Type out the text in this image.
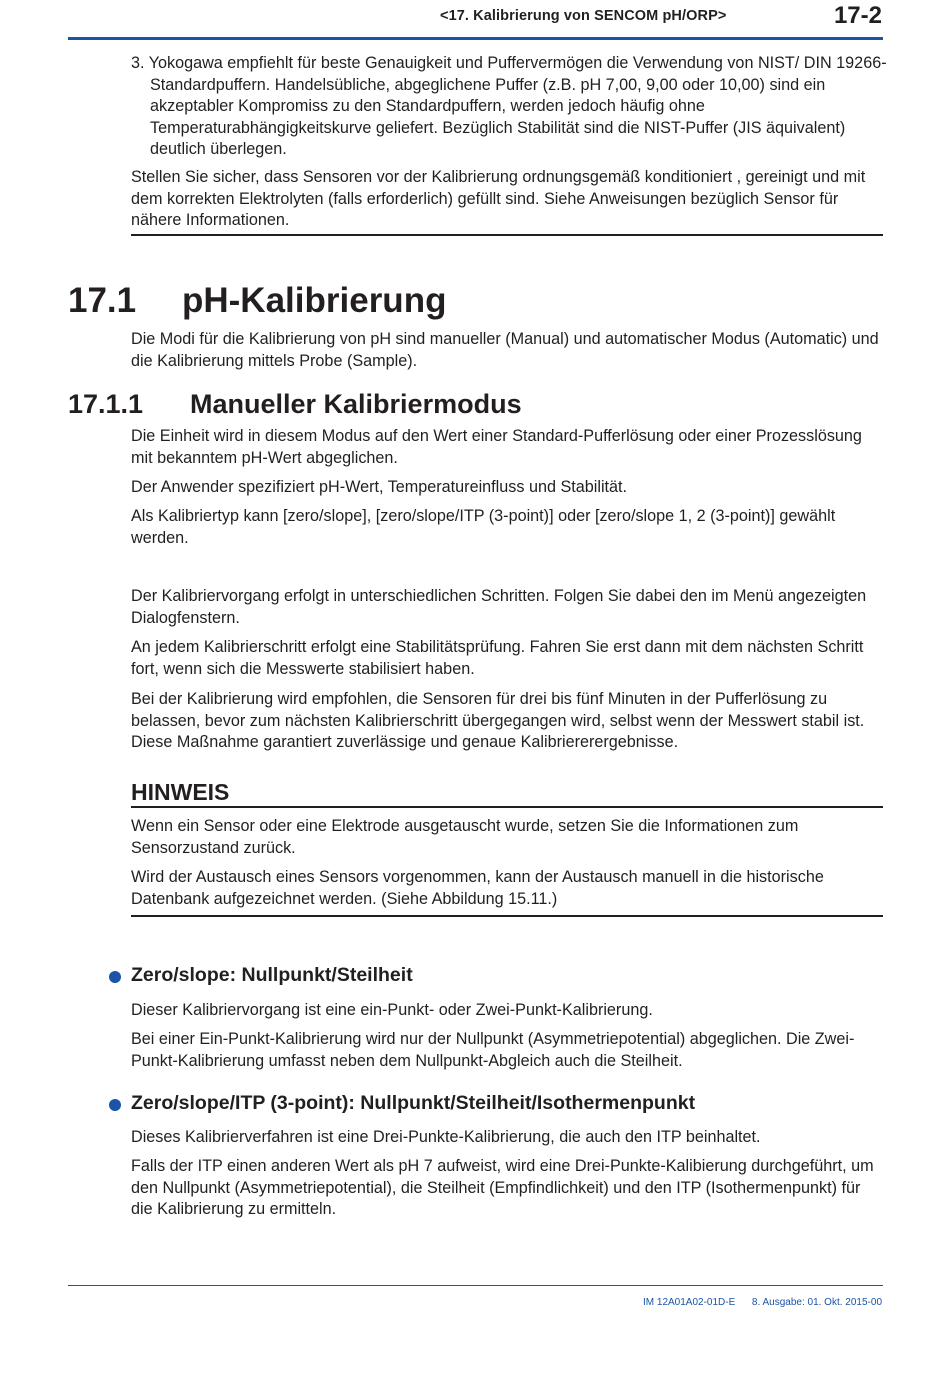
<17. Kalibrierung von SENCOM pH/ORP>	17-2

3. Yokogawa empfiehlt für beste Genauigkeit und Puffervermögen die Verwendung von NIST/ DIN 19266-Standardpuffern. Handelsübliche, abgeglichene Puffer (z.B. pH 7,00, 9,00 oder 10,00) sind ein akzeptabler Kompromiss zu den Standardpuffern, werden jedoch häufig ohne Temperaturabhängigkeitskurve geliefert. Bezüglich Stabilität sind die NIST-Puffer (JIS äquivalent) deutlich überlegen.

Stellen Sie sicher, dass Sensoren vor der Kalibrierung ordnungsgemäß konditioniert , gereinigt und mit dem korrekten Elektrolyten (falls erforderlich) gefüllt sind. Siehe Anweisungen bezüglich Sensor für nähere Informationen.

17.1 pH-Kalibrierung

Die Modi für die Kalibrierung von pH sind manueller (Manual) und automatischer Modus (Automatic) und die Kalibrierung mittels Probe (Sample).

17.1.1 Manueller Kalibriermodus

Die Einheit wird in diesem Modus auf den Wert einer Standard-Pufferlösung oder einer Prozesslösung mit bekanntem pH-Wert abgeglichen.

Der Anwender spezifiziert pH-Wert, Temperatureinfluss und Stabilität.

Als Kalibriertyp kann [zero/slope], [zero/slope/ITP (3-point)] oder [zero/slope 1, 2 (3-point)] gewählt werden.

Der Kalibriervorgang erfolgt in unterschiedlichen Schritten. Folgen Sie dabei den im Menü angezeigten Dialogfenstern.

An jedem Kalibrierschritt erfolgt eine Stabilitätsprüfung. Fahren Sie erst dann mit dem nächsten Schritt fort, wenn sich die Messwerte stabilisiert haben.

Bei der Kalibrierung wird empfohlen, die Sensoren für drei bis fünf Minuten in der Pufferlösung zu belassen, bevor zum nächsten Kalibrierschritt übergegangen wird, selbst wenn der Messwert stabil ist. Diese Maßnahme garantiert zuverlässige und genaue Kalibriererergebnisse.

HINWEIS

Wenn ein Sensor oder eine Elektrode ausgetauscht wurde, setzen Sie die Informationen zum Sensorzustand zurück.

Wird der Austausch eines Sensors vorgenommen, kann der Austausch manuell in die historische Datenbank aufgezeichnet werden. (Siehe Abbildung 15.11.)

Zero/slope: Nullpunkt/Steilheit

Dieser Kalibriervorgang ist eine ein-Punkt- oder Zwei-Punkt-Kalibrierung.

Bei einer Ein-Punkt-Kalibrierung wird nur der Nullpunkt (Asymmetriepotential) abgeglichen. Die Zwei-Punkt-Kalibrierung umfasst neben dem Nullpunkt-Abgleich auch die Steilheit.

Zero/slope/ITP (3-point): Nullpunkt/Steilheit/Isothermenpunkt

Dieses Kalibrierverfahren ist eine Drei-Punkte-Kalibrierung, die auch den ITP beinhaltet.

Falls der ITP einen anderen Wert als pH 7 aufweist, wird eine Drei-Punkte-Kalibierung durchgeführt, um den Nullpunkt (Asymmetriepotential), die Steilheit (Empfindlichkeit) und den ITP (Isothermenpunkt) für die Kalibrierung zu ermitteln.

IM 12A01A02-01D-E 8. Ausgabe: 01. Okt. 2015-00
